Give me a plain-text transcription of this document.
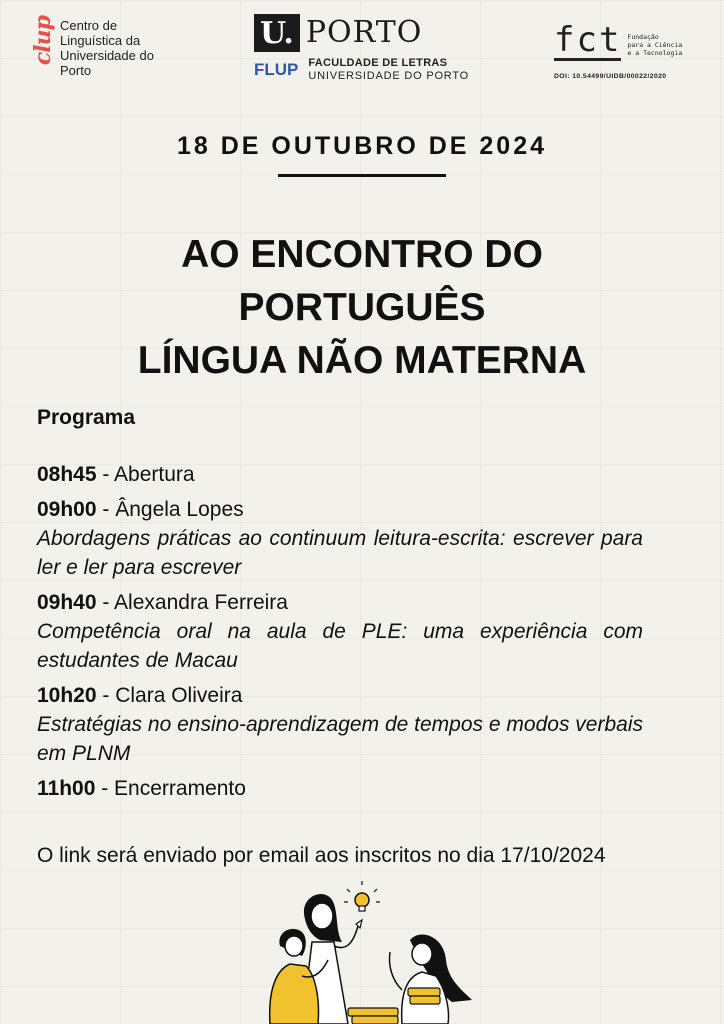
clup Centro de
Linguística da
Universidade do
Porto
U. PORTO
FLUP FACULDADE DE LETRAS
UNIVERSIDADE DO PORTO
fct Fundação
para a Ciência
e a Tecnologia
DOI: 10.54499/UIDB/00022/2020
18 DE OUTUBRO DE 2024
AO ENCONTRO DO
PORTUGUÊS
LÍNGUA NÃO MATERNA
Programa
08h45 - Abertura
09h00 - Ângela Lopes
Abordagens práticas ao continuum leitura-escrita: escrever para ler e ler para escrever
09h40 - Alexandra Ferreira
Competência oral na aula de PLE: uma experiência com estudantes de Macau
10h20 - Clara Oliveira
Estratégias no ensino-aprendizagem de tempos e modos verbais em PLNM
11h00 - Encerramento
O link será enviado por email aos inscritos no dia 17/10/2024
